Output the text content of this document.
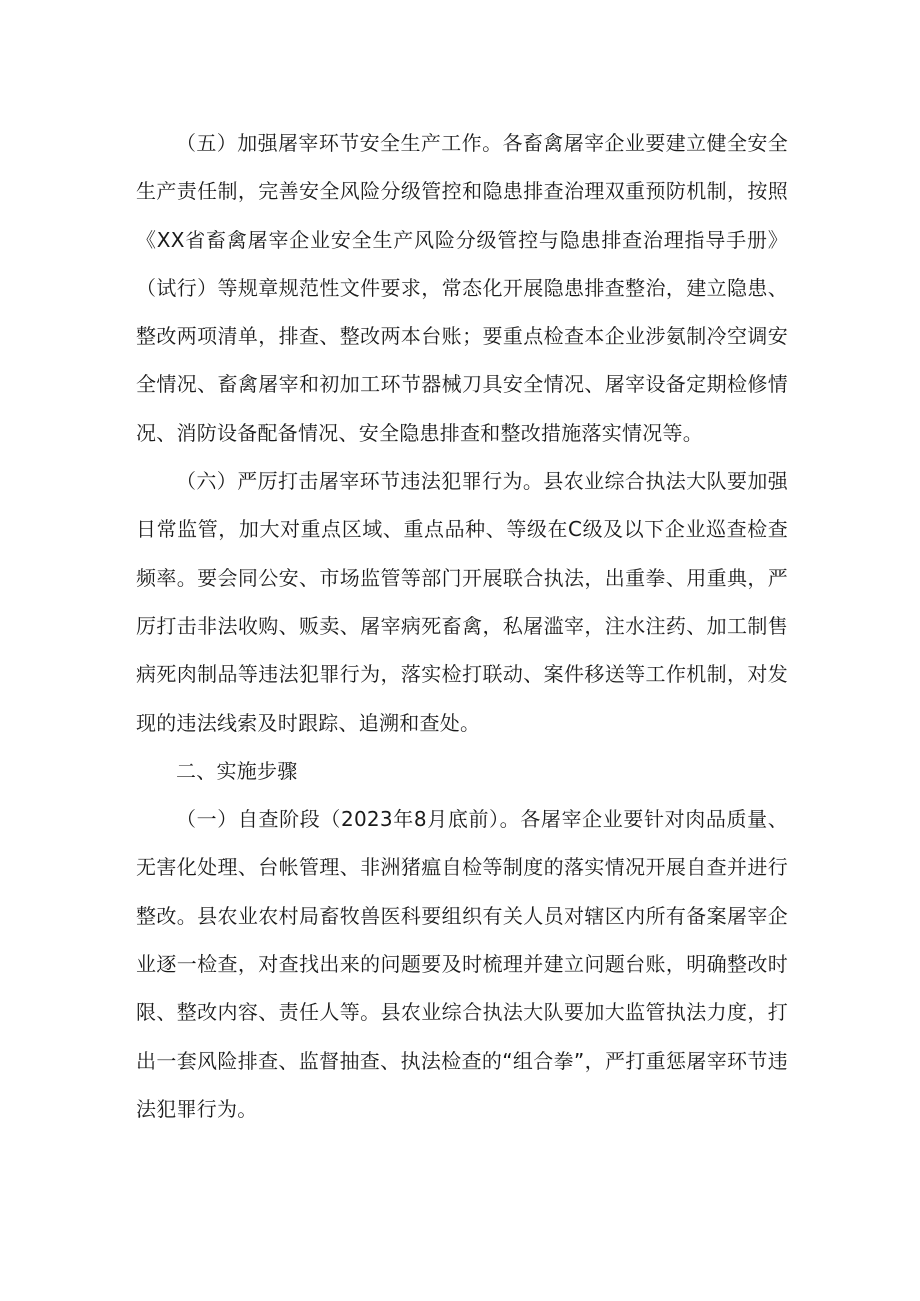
（五）加强屠宰环节安全生产工作。各畜禽屠宰企业要建立健全安全生产责任制，完善安全风险分级管控和隐患排查治理双重预防机制，按照《XX省畜禽屠宰企业安全生产风险分级管控与隐患排查治理指导手册》（试行）等规章规范性文件要求，常态化开展隐患排查整治，建立隐患、整改两项清单，排查、整改两本台账；要重点检查本企业涉氨制冷空调安全情况、畜禽屠宰和初加工环节器械刀具安全情况、屠宰设备定期检修情况、消防设备配备情况、安全隐患排查和整改措施落实情况等。

（六）严厉打击屠宰环节违法犯罪行为。县农业综合执法大队要加强日常监管，加大对重点区域、重点品种、等级在C级及以下企业巡查检查频率。要会同公安、市场监管等部门开展联合执法，出重拳、用重典，严厉打击非法收购、贩卖、屠宰病死畜禽，私屠滥宰，注水注药、加工制售病死肉制品等违法犯罪行为，落实检打联动、案件移送等工作机制，对发现的违法线索及时跟踪、追溯和查处。

二、实施步骤

（一）自查阶段（2023年8月底前）。各屠宰企业要针对肉品质量、无害化处理、台帐管理、非洲猪瘟自检等制度的落实情况开展自查并进行整改。县农业农村局畜牧兽医科要组织有关人员对辖区内所有备案屠宰企业逐一检查，对查找出来的问题要及时梳理并建立问题台账，明确整改时限、整改内容、责任人等。县农业综合执法大队要加大监管执法力度，打出一套风险排查、监督抽查、执法检查的“组合拳”，严打重惩屠宰环节违法犯罪行为。
